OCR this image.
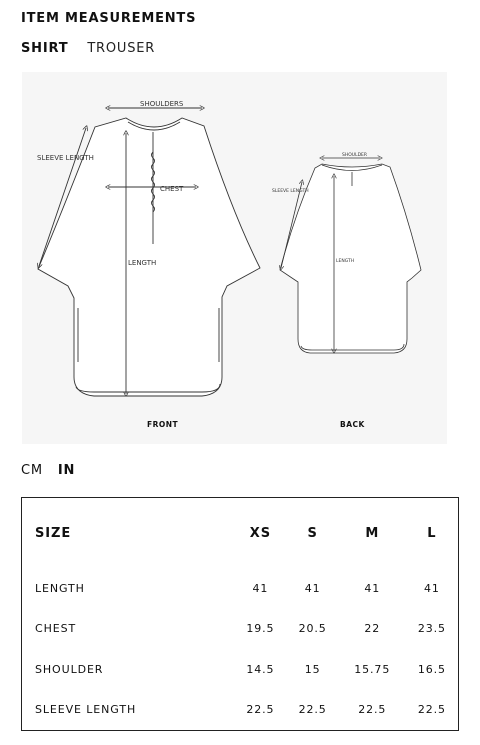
ITEM MEASUREMENTS
SHIRT TROUSER
SHOULDERS
SLEEVE LENGTH
CHEST
LENGTH
FRONT
SHOULDER
SLEEVE LENGTH
LENGTH
BACK
CM IN
SIZE	XS	S	M	L
LENGTH	41	41	41	41
CHEST	19.5	20.5	22	23.5
SHOULDER	14.5	15	15.75	16.5
SLEEVE LENGTH	22.5	22.5	22.5	22.5
